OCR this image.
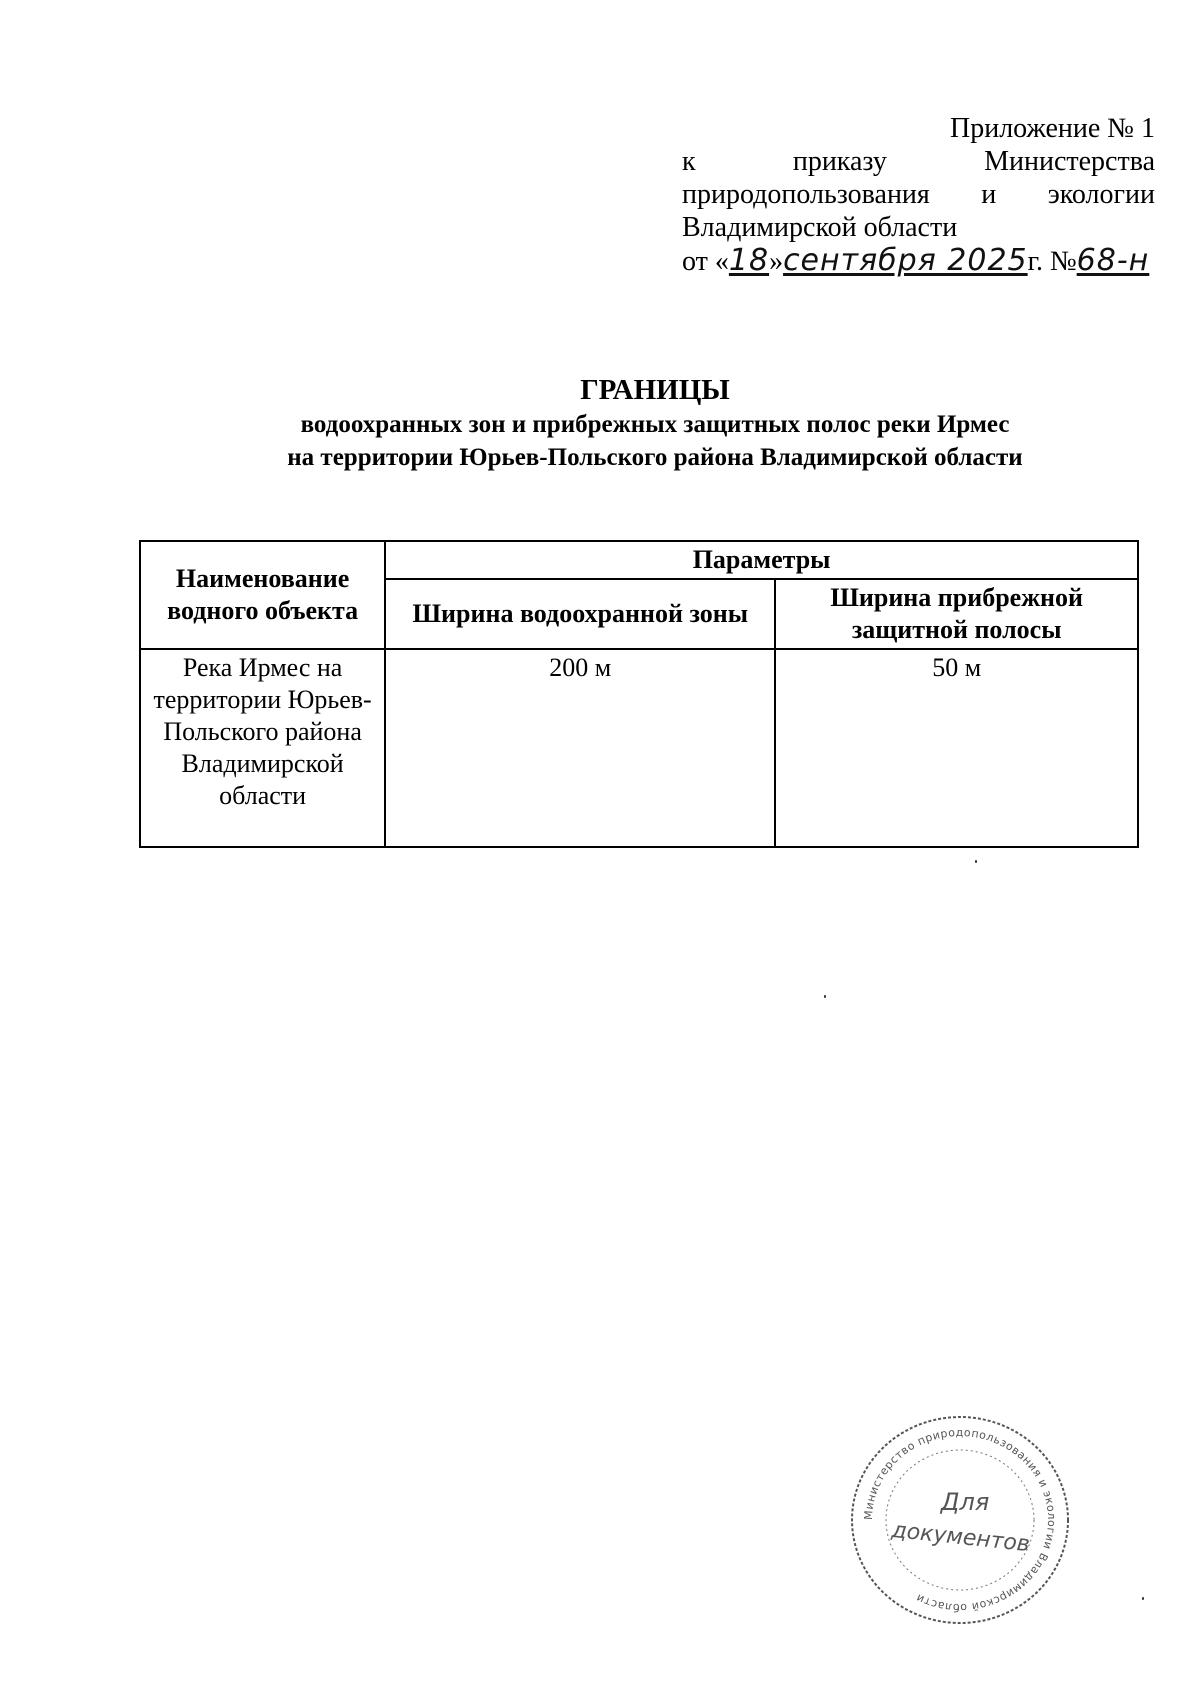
Приложение № 1
к	приказу	Министерства
природопользования и экологии
Владимирской области
от « 18 » сентября 2025 г. № 68-н
ГРАНИЦЫ
водоохранных зон и прибрежных защитных полос реки Ирмес
на территории Юрьев-Польского района Владимирской области
Наименование водного объекта	Параметры	
	Ширина водоохранной зоны	Ширина прибрежной защитной полосы
Река Ирмес на территории Юрьев-Польского района Владимирской области	200 м	50 м
Министерство природопользования и экологии Владимирской области
Для
документов
